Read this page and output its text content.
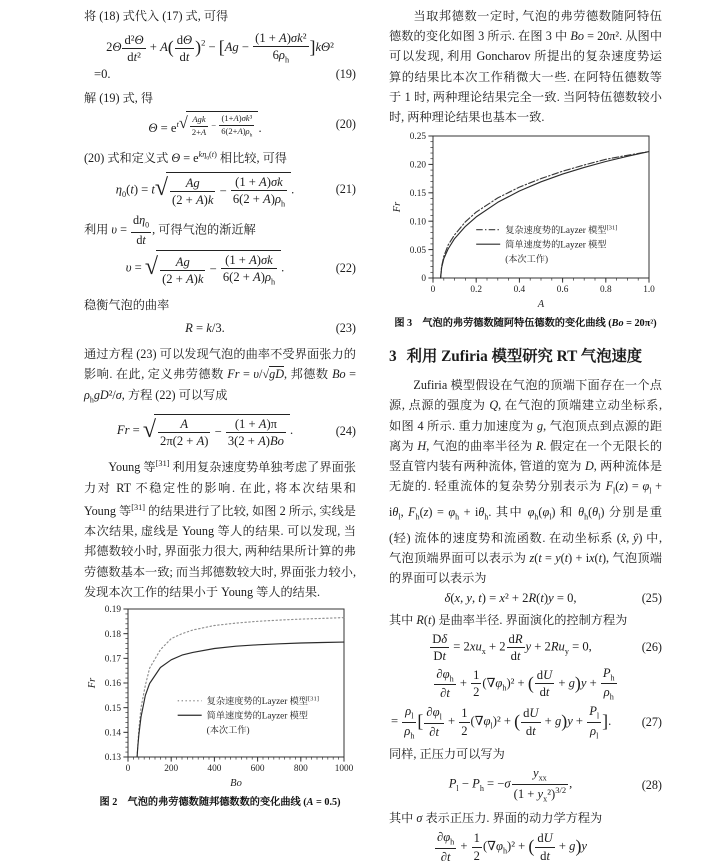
将 (18) 式代入 (17) 式, 可得

$2\Theta \frac{\text{d²Θ}}{\text{dt²}} + A( \frac{d\Theta}{dt} )^2 - [Ag - \frac{\text{(1 + A)σk²}}{6\rho_h} ]k\Theta^2$
=0.	(19)

解 (19) 式, 得

$\Theta = e^{t √ Agk 2+A - \frac{\text{(1+A)σk³}}{6(2+A)\rho_h}}$ .	(20)

(20) 式和定义式 $\Theta = e^{k\eta_0(t)}$ 相比较, 可得

$\eta_0(t) = t$ √ $\frac{Ag}{(2 + A)k} - \frac{(1 + A)\sigma k}{6(2 + A)\rho_h}$ .	(21)

利用 $\upsilon = \frac{d\eta_0}{dt}$ , 可得气泡的渐近解

υ = √ $\frac{Ag}{(2 + A)k} - \frac{(1 + A)\sigma k}{6(2 + A)\rho_h}$ .	(22)

稳衡气泡的曲率

R = k/3.	(23)

通过方程 (23) 可以发现气泡的曲率不受界面张力的影响. 在此, 定义弗劳德数 Fr = υ/√gD, 邦德数 $Bo = \rho_hgD^2/\sigma$, 方程 (22) 可以写成

Fr = √ $\frac{A}{2\pi(2 + A)} - \frac{(1 + A)\pi}{3(2 + A)Bo}$ .	(24)

Young 等[31] 利用复杂速度势单独考虑了界面张力对 RT 不稳定性的影响. 在此, 将本次结果和 Young 等[31] 的结果进行了比较, 如图 2 所示, 实线是本次结果, 虚线是 Young 等人的结果. 可以发现, 当邦德数较小时, 界面张力很大, 两种结果所计算的弗劳德数基本一致; 而当邦德数较大时, 界面张力较小, 发现本次工作的结果小于 Young 等人的结果.

0	200	400	600	800	1000
0.13
0.14
0.15
0.16
0.17
0.18
0.19
Bo
Fr
复杂速度势的Layzer 模型[31]
简单速度势的Layzer 模型
(本次工作)
图 2　气泡的弗劳德数随邦德数数的变化曲线 (A = 0.5)

当取邦德数一定时, 气泡的弗劳德数随阿特伍德数的变化如图 3 所示. 在图 3 中 Bo = 20π². 从图中可以发现, 利用 Goncharov 所提出的复杂速度势运算的结果比本次工作稍微大一些. 在阿特伍德数等于 1 时, 两种理论结果完全一致. 当阿特伍德数较小时, 两种理论结果也基本一致.

0	0.2	0.4	0.6	0.8	1.0
0
0.05
0.10
0.15
0.20
0.25
A
Fr
复杂速度势的Layzer 模型[31]
简单速度势的Layzer 模型
(本次工作)
图 3　气泡的弗劳德数随阿特伍德数的变化曲线 (Bo = 20π²)
3 利用 Zufiria 模型研究 RT 气泡速度

Zufiria 模型假设在气泡的顶端下面存在一个点源, 点源的强度为 Q, 在气泡的顶端建立动坐标系, 如图 4 所示. 重力加速度为 g, 气泡顶点到点源的距离为 H, 气泡的曲率半径为 R. 假定在一个无限长的竖直管内装有两种流体, 管道的宽为 D, 两种流体是无旋的. 轻重流体的复杂势分别表示为 $F_l(z) = \varphi_l + i\theta_l$, $F_h(z) = \varphi_h + i\theta_h$. 其中 $\varphi_h(\varphi_l)$ 和 $\theta_h(\theta_l)$ 分别是重 (轻) 流体的速度势和流函数. 在动坐标系 (x̂, ŷ) 中, 气泡顶端界面可以表示为 z(t = y(t) + ix(t), 气泡顶端的界面可以表示为

δ(x, y, t) = x² + 2R(t)y = 0,	(25)

其中 R(t) 是曲率半径. 界面演化的控制方程为

$\frac{D\delta}{Dt} = 2xu_x + 2 \frac{dR}{dt}$ $y + 2Ru_y = 0$,	(26)
$\frac{\partial\varphi_h}{\partial t} + \frac{1}{2} (\nabla\varphi_h)^2$ + ( $\frac{dU}{dt} + g)y + \frac{P_h}{\rho_h}$
= $\frac{\rho_l}{\rho_h}$ [ $\frac{\partial\varphi_l}{\partial t} + \frac{1}{2} (\nabla\varphi_l)^2$ + ( $\frac{dU}{dt} + g)y + \frac{P_l}{\rho_l}$ ].	(27)

同样, 正压力可以写为

$P_l - P_h = -\sigma$
$y_{xx}$
$(1 + y_x^2)^{3/2}$ ,	(28)

其中 σ 表示正压力. 界面的动力学方程为

$\frac{\partial\varphi_h}{\partial t} + \frac{1}{2} (\nabla\varphi_h)^2$ + ( $\frac{dU}{dt} + g)y$
